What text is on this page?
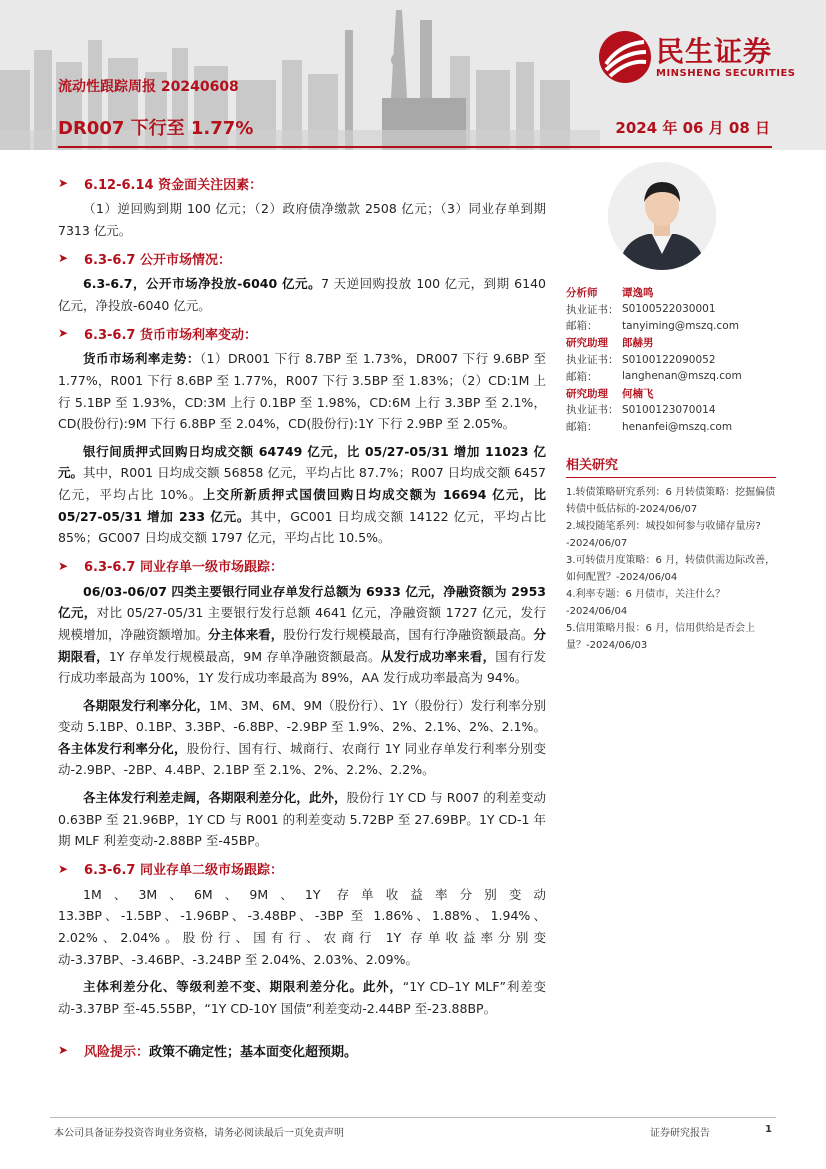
流动性跟踪周报 20240608
DR007 下行至 1.77%	2024 年 06 月 08 日
民生证券
MINSHENG SECURITIES
➤	6.12-6.14 资金面关注因素：
（1）逆回购到期 100 亿元；（2）政府债净缴款 2508 亿元；（3）同业存单到期 7313 亿元。
➤	6.3-6.7 公开市场情况：
6.3-6.7，公开市场净投放-6040 亿元。7 天逆回购投放 100 亿元，到期 6140 亿元，净投放-6040 亿元。
➤	6.3-6.7 货币市场利率变动：
货币市场利率走势：（1）DR001 下行 8.7BP 至 1.73%，DR007 下行 9.6BP 至 1.77%，R001 下行 8.6BP 至 1.77%，R007 下行 3.5BP 至 1.83%；（2）CD:1M 上行 5.1BP 至 1.93%，CD:3M 上行 0.1BP 至 1.98%，CD:6M 上行 3.3BP 至 2.1%，CD(股份行):9M 下行 6.8BP 至 2.04%，CD(股份行):1Y 下行 2.9BP 至 2.05%。
银行间质押式回购日均成交额 64749 亿元，比 05/27-05/31 增加 11023 亿元。其中，R001 日均成交额 56858 亿元，平均占比 87.7%；R007 日均成交额 6457 亿元，平均占比 10%。上交所新质押式国债回购日均成交额为 16694 亿元，比 05/27-05/31 增加 233 亿元。其中，GC001 日均成交额 14122 亿元，平均占比 85%；GC007 日均成交额 1797 亿元，平均占比 10.5%。
➤	6.3-6.7 同业存单一级市场跟踪：
06/03-06/07 四类主要银行同业存单发行总额为 6933 亿元，净融资额为 2953 亿元，对比 05/27-05/31 主要银行发行总额 4641 亿元，净融资额 1727 亿元，发行规模增加，净融资额增加。分主体来看，股份行发行规模最高，国有行净融资额最高。分期限看，1Y 存单发行规模最高，9M 存单净融资额最高。从发行成功率来看，国有行发行成功率最高为 100%，1Y 发行成功率最高为 89%，AA 发行成功率最高为 94%。
各期限发行利率分化，1M、3M、6M、9M（股份行）、1Y（股份行）发行利率分别变动 5.1BP、0.1BP、3.3BP、-6.8BP、-2.9BP 至 1.9%、2%、2.1%、2%、2.1%。各主体发行利率分化，股份行、国有行、城商行、农商行 1Y 同业存单发行利率分别变动-2.9BP、-2BP、4.4BP、2.1BP 至 2.1%、2%、2.2%、2.2%。
各主体发行利差走阔，各期限利差分化，此外，股份行 1Y CD 与 R007 的利差变动 0.63BP 至 21.96BP，1Y CD 与 R001 的利差变动 5.72BP 至 27.69BP。1Y CD-1 年期 MLF 利差变动-2.88BP 至-45BP。
➤	6.3-6.7 同业存单二级市场跟踪：
1M、3M、6M、9M、1Y 存单收益率分别变动 13.3BP、-1.5BP、-1.96BP、-3.48BP、-3BP 至 1.86%、1.88%、1.94%、2.02%、2.04%。股份行、国有行、农商行 1Y 存单收益率分别变动-3.37BP、-3.46BP、-3.24BP 至 2.04%、2.03%、2.09%。
主体利差分化、等级利差不变、期限利差分化。此外，“1Y CD–1Y MLF”利差变动-3.37BP 至-45.55BP，“1Y CD-10Y 国债”利差变动-2.44BP 至-23.88BP。
➤	风险提示： 政策不确定性；基本面变化超预期。
分析师	谭逸鸣
执业证书： S0100522030001
邮箱：	tanyiming@mszq.com
研究助理	郎赫男
执业证书： S0100122090052
邮箱：	langhenan@mszq.com
研究助理	何楠飞
执业证书： S0100123070014
邮箱：	henanfei@mszq.com
相关研究
1.转债策略研究系列：6 月转债策略：挖掘偏债转债中低估标的-2024/06/07
2.城投随笔系列：城投如何参与收储存量房?-2024/06/07
3.可转债月度策略：6 月，转债供需边际改善，如何配置？-2024/06/04
4.利率专题：6 月债市，关注什么？ -2024/06/04
5.信用策略月报：6 月，信用供给是否会上量？-2024/06/03
本公司具备证券投资咨询业务资格，请务必阅读最后一页免责声明	证券研究报告	1
